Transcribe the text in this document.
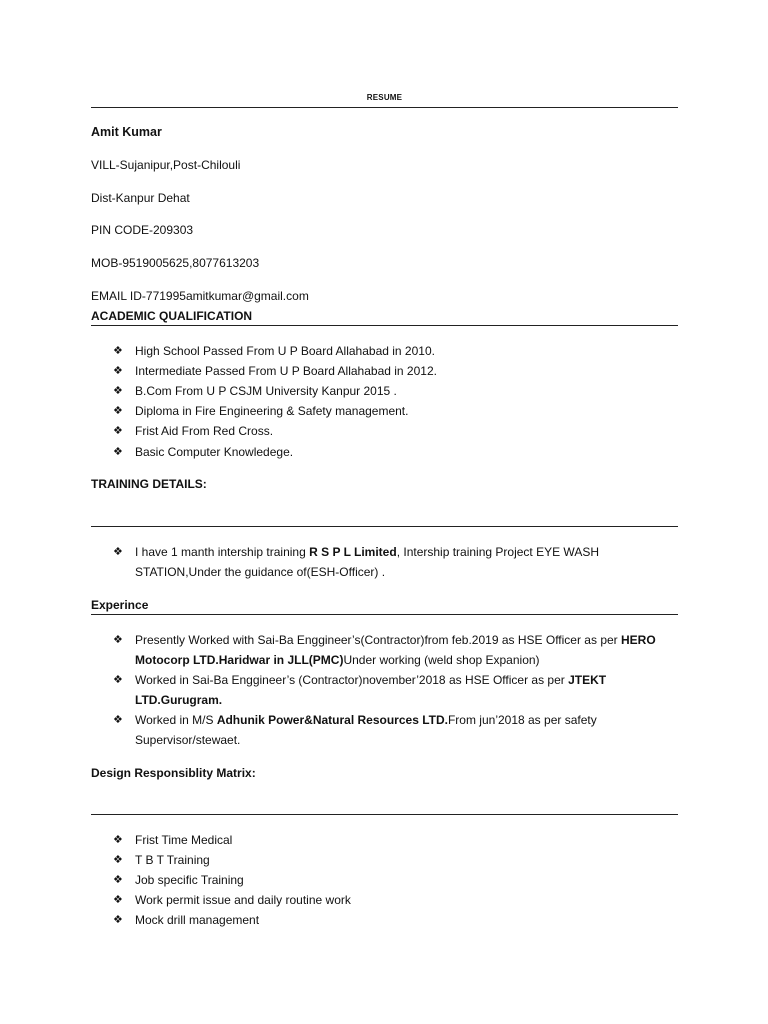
RESUME
Amit Kumar
VILL-Sujanipur,Post-Chilouli
Dist-Kanpur Dehat
PIN CODE-209303
MOB-9519005625,8077613203
EMAIL ID-771995amitkumar@gmail.com
ACADEMIC QUALIFICATION
❖ High School Passed From U P Board Allahabad in 2010.
❖ Intermediate Passed From U P Board Allahabad in 2012.
❖ B.Com From U P CSJM University Kanpur 2015 .
❖ Diploma in Fire Engineering & Safety management.
❖ Frist Aid From Red Cross.
❖ Basic Computer Knowledege.
TRAINING DETAILS:
❖ I have 1 manth intership training R S P L Limited, Intership training Project EYE WASH
STATION,Under the guidance of(ESH-Officer) .
Experince
❖ Presently Worked with Sai-Ba Enggineer’s(Contractor)from feb.2019 as HSE Officer as per HERO
Motocorp LTD.Haridwar in JLL(PMC)Under working (weld shop Expanion)
❖ Worked in Sai-Ba Enggineer’s (Contractor)november’2018 as HSE Officer as per JTEKT
LTD.Gurugram.
❖ Worked in M/S Adhunik Power&Natural Resources LTD.From jun’2018 as per safety
Supervisor/stewaet.
Design Responsiblity Matrix:
❖ Frist Time Medical
❖ T B T Training
❖ Job specific Training
❖ Work permit issue and daily routine work
❖ Mock drill management
